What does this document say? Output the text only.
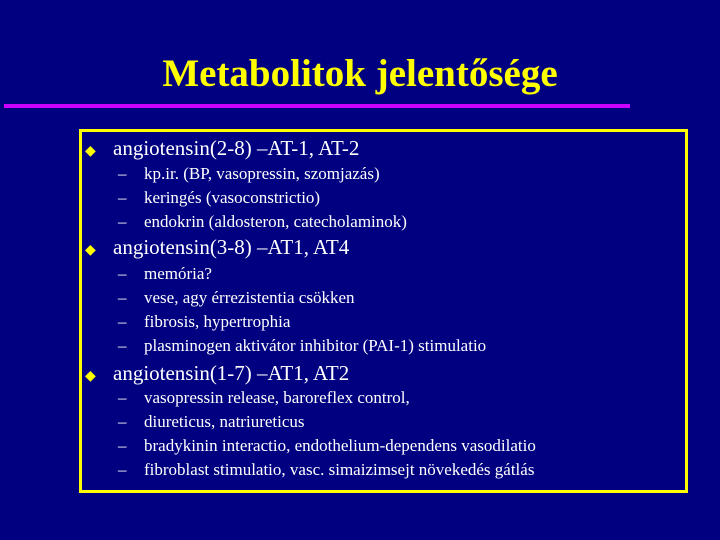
Metabolitok jelentősége
◆ angiotensin(2-8) –AT-1, AT-2
–	kp.ir. (BP, vasopressin, szomjazás)
–	keringés (vasoconstrictio)
–	endokrin (aldosteron, catecholaminok)
◆ angiotensin(3-8) –AT1, AT4
–	memória?
–	vese, agy érrezistentia csökken
–	fibrosis, hypertrophia
–	plasminogen aktivátor inhibitor (PAI-1) stimulatio
◆ angiotensin(1-7) –AT1, AT2
–	vasopressin release, baroreflex control,
–	diureticus, natriureticus
–	bradykinin interactio, endothelium-dependens vasodilatio
–	fibroblast stimulatio, vasc. simaizimsejt növekedés gátlás
